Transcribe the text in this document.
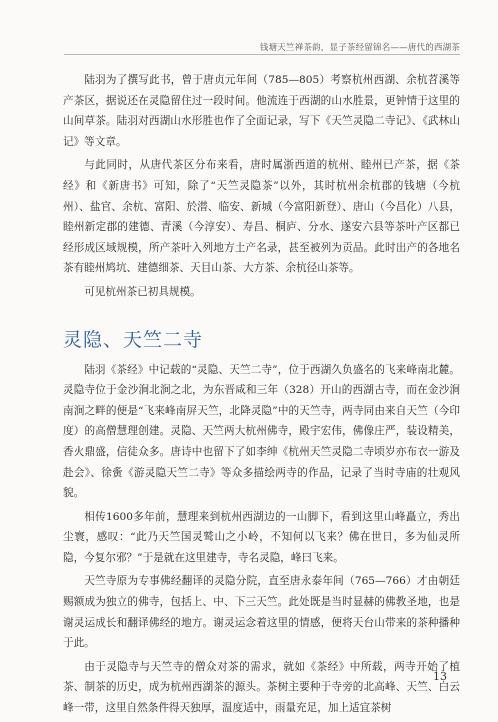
钱塘天竺禅茶韵，显子茶经留锦名——唐代的西湖茶

陆羽为了撰写此书，曾于唐贞元年间（785—805）考察杭州西湖、余杭苕溪等产茶区，据说还在灵隐留住过一段时间。他流连于西湖的山水胜景，更钟情于这里的山间草茶。陆羽对西湖山水形胜也作了全面记录，写下《天竺灵隐二寺记》、《武林山记》等文章。

与此同时，从唐代茶区分布来看，唐时属浙西道的杭州、睦州已产茶，据《茶经》和《新唐书》可知，除了“天竺灵隐茶”以外，其时杭州余杭郡的钱塘（今杭州）、盐官、余杭、富阳、於潜、临安、新城（今富阳新登）、唐山（今昌化）八县，睦州新定郡的建德、青溪（今淳安）、寿昌、桐庐、分水、遂安六县等茶叶产区都已经形成区域规模，所产茶叶入列地方土产名录，甚至被列为贡品。此时出产的各地名茶有睦州鸠坑、建德细茶、天目山茶、大方茶、余杭径山茶等。

可见杭州茶已初具规模。

灵隐、天竺二寺

陆羽《茶经》中记载的“灵隐、天竺二寺”，位于西湖久负盛名的飞来峰南北麓。灵隐寺位于金沙涧北涧之北，为东晋咸和三年（328）开山的西湖古寺，而在金沙涧南涧之畔的便是“飞来峰南屏天竺，北降灵隐”中的天竺寺，两寺同由来自天竺（今印度）的高僧慧理创建。灵隐、天竺两大杭州佛寺，殿宇宏伟，佛像庄严，装设精美，香火鼎盛，信徒众多。唐诗中也留下了如李绅《杭州天竺灵隐二寺顷岁亦布衣一游及赴会》、徐夤《游灵隐天竺二寺》等众多描绘两寺的作品，记录了当时寺庙的壮观风貌。

相传1600多年前，慧理来到杭州西湖边的一山脚下，看到这里山峰矗立，秀出尘寰，感叹：“此乃天竺国灵鹫山之小岭，不知何以飞来？佛在世日，多为仙灵所隐，今复尔邪？”于是就在这里建寺，寺名灵隐，峰曰飞来。

天竺寺原为专事佛经翻译的灵隐分院，直至唐永泰年间（765—766）才由朝廷赐额成为独立的佛寺，包括上、中、下三天竺。此处既是当时显赫的佛教圣地，也是谢灵运成长和翻译佛经的地方。谢灵运念着这里的情感，便将天台山带来的茶种播种于此。

由于灵隐寺与天竺寺的僧众对茶的需求，就如《茶经》中所载，两寺开始了植茶、制茶的历史，成为杭州西湖茶的源头。茶树主要种于寺旁的北高峰、天竺、白云峰一带，这里自然条件得天独厚，温度适中，雨量充足，加上适宜茶树

13
